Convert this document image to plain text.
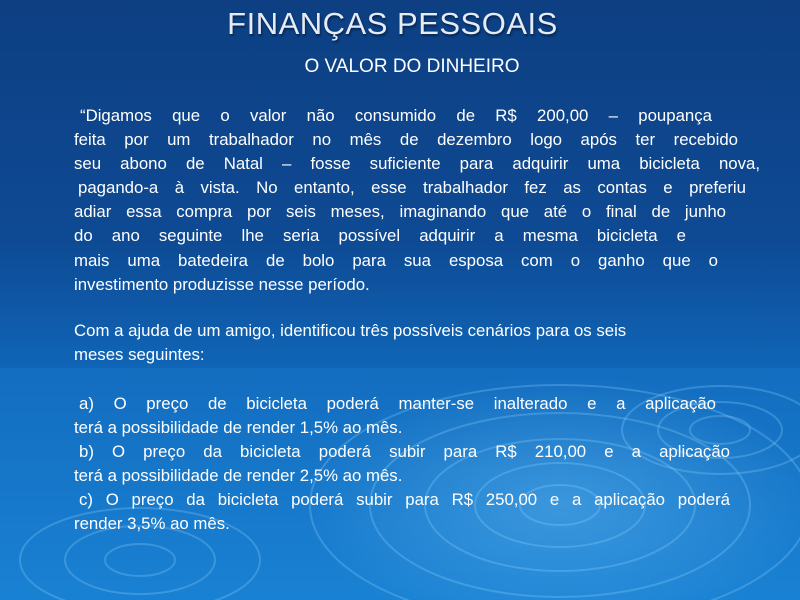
FINANÇAS PESSOAIS
O VALOR DO DINHEIRO
“Digamos que o valor não consumido de R$ 200,00 – poupança
feita por um trabalhador no mês de dezembro logo após ter recebido
seu abono de Natal – fosse suficiente para adquirir uma bicicleta nova,
pagando-a à vista. No entanto, esse trabalhador fez as contas e preferiu
adiar essa compra por seis meses, imaginando que até o final de junho
do ano seguinte lhe seria possível adquirir a mesma bicicleta e
mais uma batedeira de bolo para sua esposa com o ganho que o
investimento produzisse nesse período.
Com a ajuda de um amigo, identificou três possíveis cenários para os seis
meses seguintes:
a) O preço de bicicleta poderá manter-se inalterado e a aplicação
terá a possibilidade de render 1,5% ao mês.
b) O preço da bicicleta poderá subir para R$ 210,00 e a aplicação
terá a possibilidade de render 2,5% ao mês.
c) O preço da bicicleta poderá subir para R$ 250,00 e a aplicação poderá
render 3,5% ao mês.
